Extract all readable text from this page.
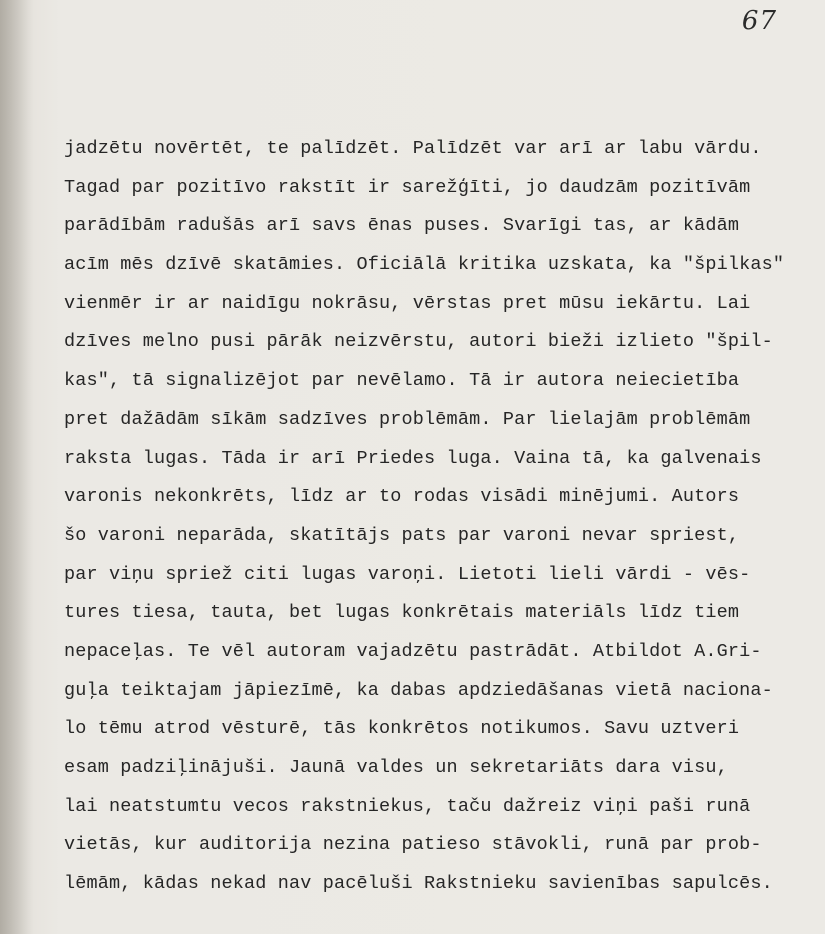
67
jadzētu novērtēt, te palīdzēt. Palīdzēt var arī ar labu vārdu.
Tagad par pozitīvo rakstīt ir sarežģīti, jo daudzām pozitīvām
parādībām radušās arī savs ēnas puses. Svarīgi tas, ar kādām
acīm mēs dzīvē skatāmies. Oficiālā kritika uzskata, ka "špilkas"
vienmēr ir ar naidīgu nokrāsu, vērstas pret mūsu iekārtu. Lai
dzīves melno pusi pārāk neizvērstu, autori bieži izlieto "špil-
kas", tā signalizējot par nevēlamo. Tā ir autora neiecietība
pret dažādām sīkām sadzīves problēmām. Par lielajām problēmām
raksta lugas. Tāda ir arī Priedes luga. Vaina tā, ka galvenais
varonis nekonkrēts, līdz ar to rodas visādi minējumi. Autors
šo varoni neparāda, skatītājs pats par varoni nevar spriest,
par viņu spriež citi lugas varoņi. Lietoti lieli vārdi - vēs-
tures tiesa, tauta, bet lugas konkrētais materiāls līdz tiem
nepaceļas. Te vēl autoram vajadzētu pastrādāt. Atbildot A.Gri-
guļa teiktajam jāpiezīmē, ka dabas apdziedāšanas vietā naciona-
lo tēmu atrod vēsturē, tās konkrētos notikumos. Savu uztveri
esam padziļinājuši. Jaunā valdes un sekretariāts dara visu,
lai neatstumtu vecos rakstniekus, taču dažreiz viņi paši runā
vietās, kur auditorija nezina patieso stāvokli, runā par prob-
lēmām, kādas nekad nav pacēluši Rakstnieku savienības sapulcēs.
